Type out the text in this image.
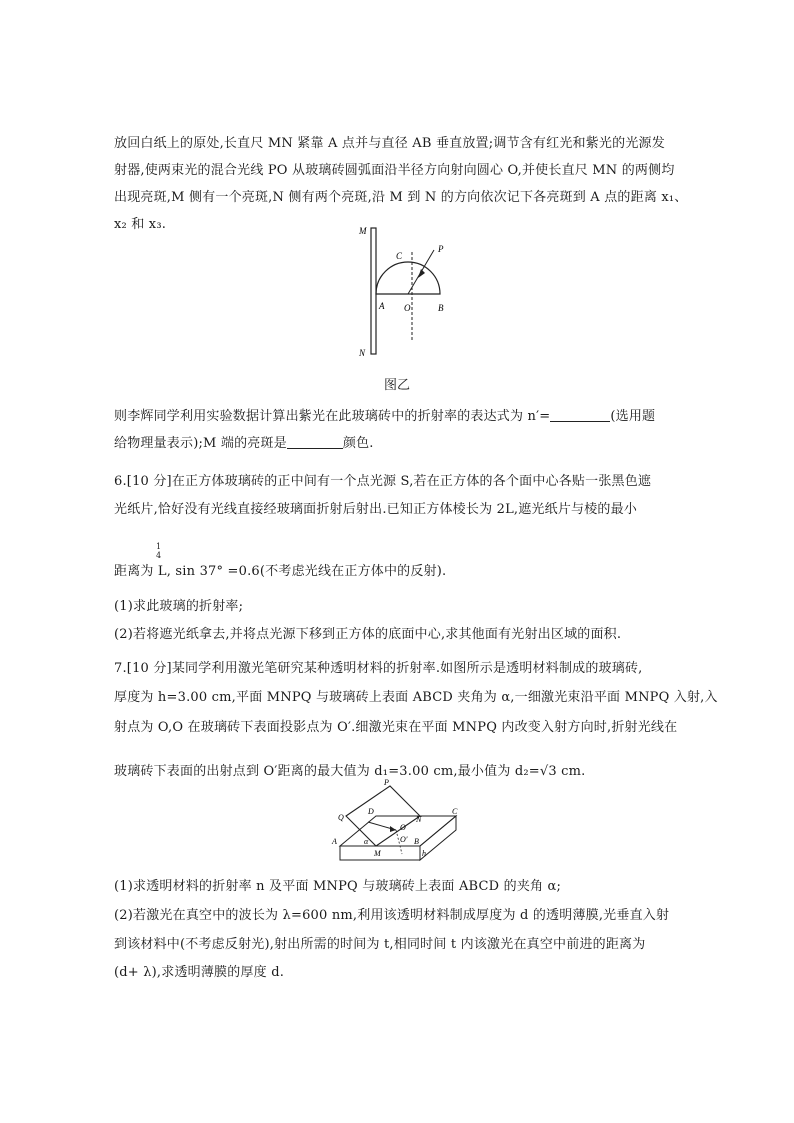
放回白纸上的原处,长直尺 MN 紧靠 A 点并与直径 AB 垂直放置;调节含有红光和紫光的光源发
射器,使两束光的混合光线 PO 从玻璃砖圆弧面沿半径方向射向圆心 O,并使长直尺 MN 的两侧均
出现亮斑,M 侧有一个亮斑,N 侧有两个亮斑,沿 M 到 N 的方向依次记下各亮斑到 A 点的距离 x₁、
x₂ 和 x₃.	M
N
C
P
A O	B
图乙
则李辉同学利用实验数据计算出紫光在此玻璃砖中的折射率的表达式为 n′=	(选用题
给物理量表示);M 端的亮斑是	颜色.
6.[10 分]在正方体玻璃砖的正中间有一个点光源 S,若在正方体的各个面中心各贴一张黑色遮
光纸片,恰好没有光线直接经玻璃面折射后射出.已知正方体棱长为 2L,遮光纸片与棱的最小
1
4
距离为 L, sin 37° =0.6(不考虑光线在正方体中的反射).
(1)求此玻璃的折射率;
(2)若将遮光纸拿去,并将点光源下移到正方体的底面中心,求其他面有光射出区域的面积.
7.[10 分]某同学利用激光笔研究某种透明材料的折射率.如图所示是透明材料制成的玻璃砖,
厚度为 h=3.00 cm,平面 MNPQ 与玻璃砖上表面 ABCD 夹角为 α,一细激光束沿平面 MNPQ 入射,入
射点为 O,O 在玻璃砖下表面投影点为 O′.细激光束在平面 MNPQ 内改变入射方向时,折射光线在
玻璃砖下表面的出射点到 O′距离的最大值为 d₁=3.00 cm,最小值为 d₂=√3 cm.
P
Q
D
N
O
C
A	α	O′ B
M	h
(1)求透明材料的折射率 n 及平面 MNPQ 与玻璃砖上表面 ABCD 的夹角 α;
(2)若激光在真空中的波长为 λ=600 nm,利用该透明材料制成厚度为 d 的透明薄膜,光垂直入射
到该材料中(不考虑反射光),射出所需的时间为 t,相同时间 t 内该激光在真空中前进的距离为
(d+ λ),求透明薄膜的厚度 d.
